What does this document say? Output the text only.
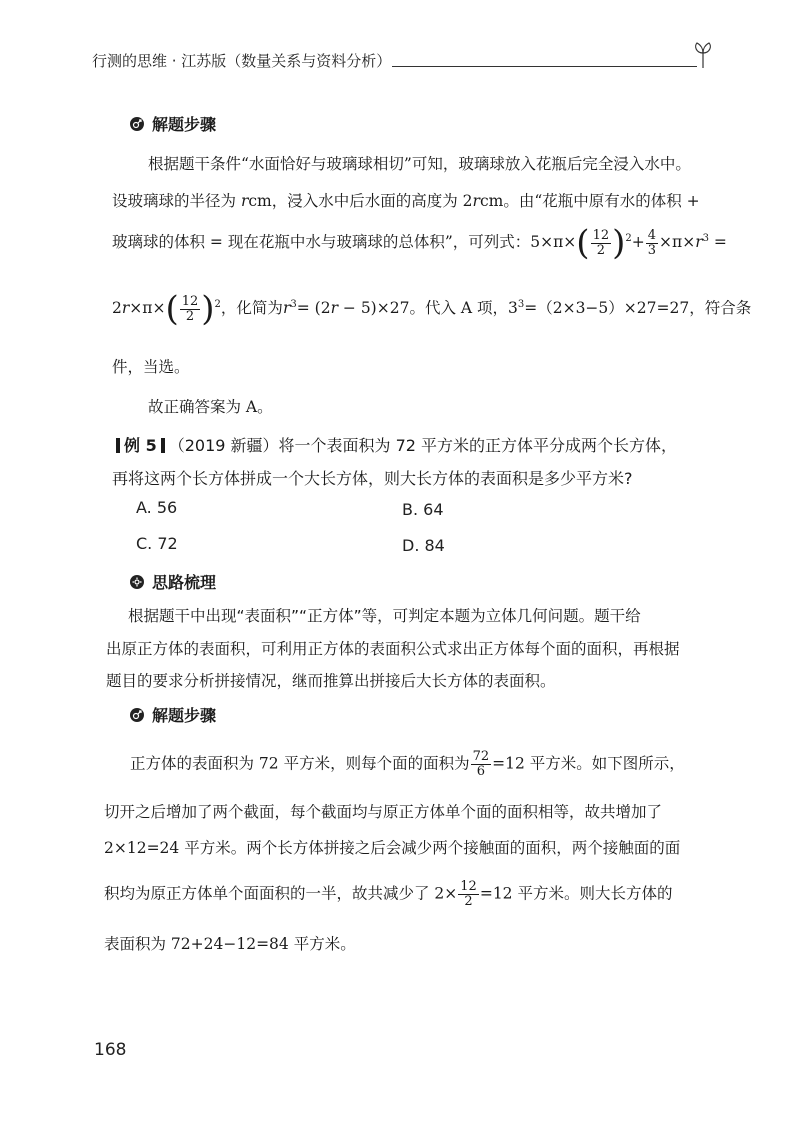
行测的思维 · 江苏版（数量关系与资料分析）
解题步骤
根据题干条件“水面恰好与玻璃球相切”可知，玻璃球放入花瓶后完全浸入水中。
设玻璃球的半径为 rcm，浸入水中后水面的高度为 2rcm。由“花瓶中原有水的体积 +
玻璃球的体积 = 现在花瓶中水与玻璃球的总体积”，可列式：$5\times\pi\times( \frac{12}{2} )^2+ \frac{4}{3} \times\pi\times r^3$ =
$2r\times\pi\times( \frac{12}{2} )^2$，化简为$r^3= (2r - 5)\times 27$。代入 A 项，$3^3=(2\times 3-5)\times 27=27$，符合条
件，当选。
故正确答案为 A。
例 5 （2019 新疆）将一个表面积为 72 平方米的正方体平分成两个长方体，
再将这两个长方体拼成一个大长方体，则大长方体的表面积是多少平方米?
A. 56	B. 64
C. 72	D. 84
思路梳理
根据题干中出现“表面积”“正方体”等，可判定本题为立体几何问题。题干给
出原正方体的表面积，可利用正方体的表面积公式求出正方体每个面的面积，再根据
题目的要求分析拼接情况，继而推算出拼接后大长方体的表面积。
解题步骤
正方体的表面积为 72 平方米，则每个面的面积为 $\frac{72}{6} =12$ 平方米。如下图所示，
切开之后增加了两个截面，每个截面均与原正方体单个面的面积相等，故共增加了
2×12=24 平方米。两个长方体拼接之后会减少两个接触面的面积，两个接触面的面
积均为原正方体单个面面积的一半，故共减少了 $2\times \frac{12}{2} =12$ 平方米。则大长方体的
表面积为 72+24−12=84 平方米。
168
